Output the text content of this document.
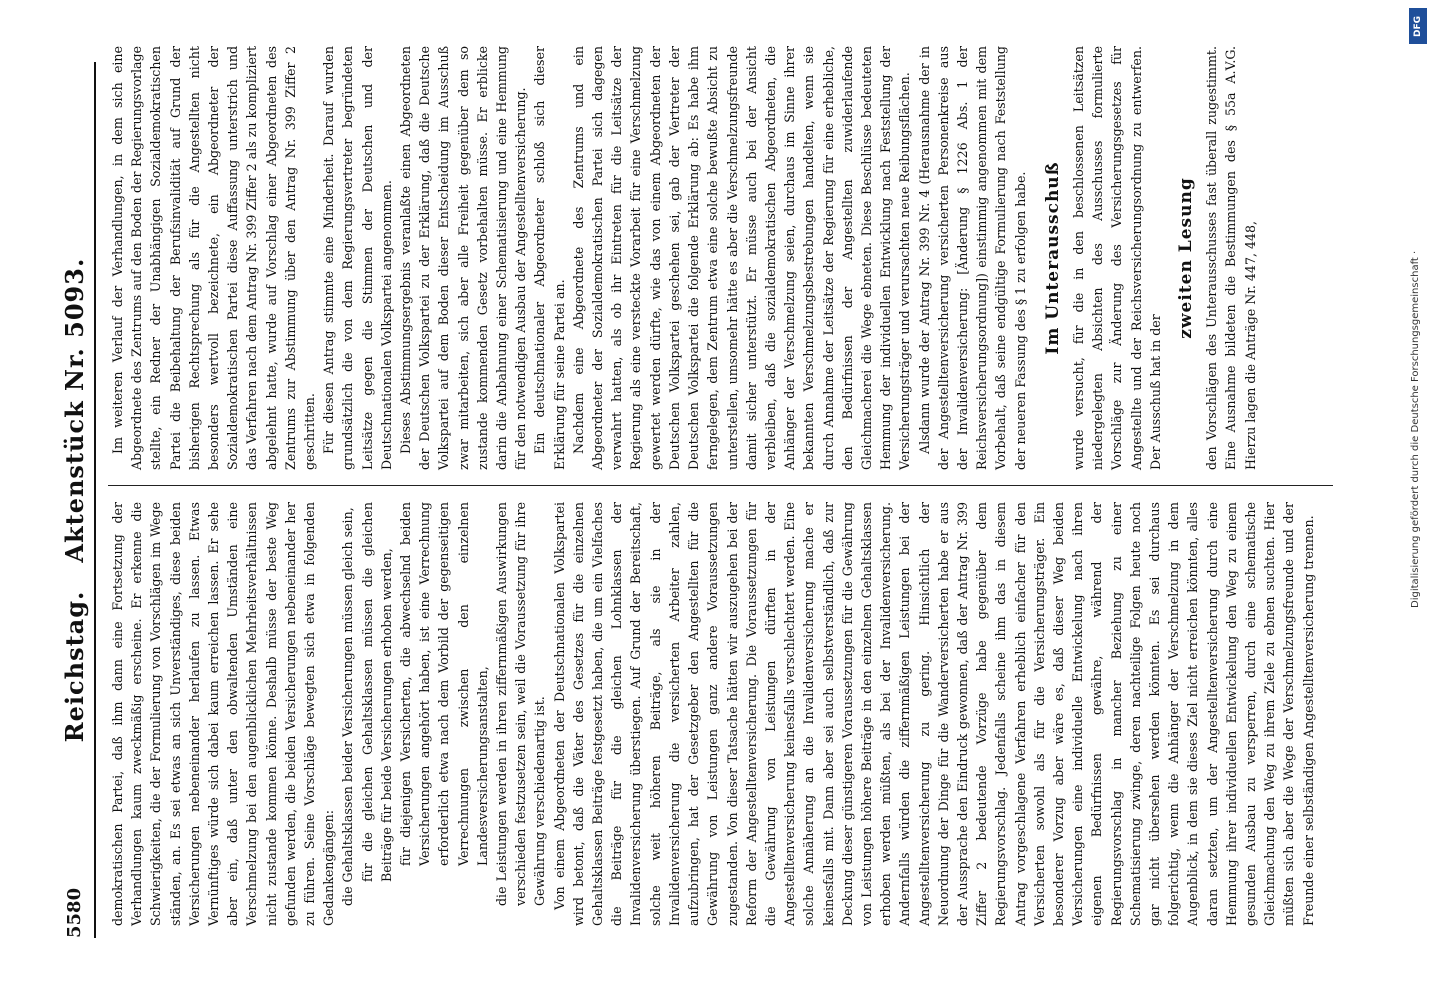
5580
Reichstag.Aktenstück Nr. 5093.

demokratischen Partei, daß ihm dann eine Fortsetzung der Verhandlungen kaum zweckmäßig erscheine. Er erkenne die Schwierigkeiten, die der Formulierung von Vorschlägen im Wege ständen, an. Es sei etwas an sich Unverständiges, diese beiden Versicherungen nebeneinander herlaufen zu lassen. Etwas Vernünftiges würde sich dabei kaum erreichen lassen. Er sehe aber ein, daß unter den obwaltenden Umständen eine Verschmelzung bei den augenblicklichen Mehrheitsverhältnissen nicht zustande kommen könne. Deshalb müsse der beste Weg gefunden werden, die beiden Versicherungen nebeneinander her zu führen. Seine Vorschläge bewegten sich etwa in folgenden Gedankengängen: die Gehaltsklassen beider Versicherungen müssen gleich sein, für die gleichen Gehaltsklassen müssen die gleichen Beiträge für beide Versicherungen erhoben werden, für diejenigen Versicherten, die abwechselnd beiden Versicherungen angehört haben, ist eine Verrechnung erforderlich etwa nach dem Vorbild der gegenseitigen Verrechnungen zwischen den einzelnen Landesversicherungsanstalten, die Leistungen werden in ihren ziffernmäßigen Auswirkungen verschieden festzusetzen sein, weil die Voraussetzung für ihre Gewährung verschiedenartig ist. Von einem Abgeordneten der Deutschnationalen Volkspartei wird betont, daß die Väter des Gesetzes für die einzelnen Gehaltsklassen Beiträge festgesetzt haben, die um ein Vielfaches die Beiträge für die gleichen Lohnklassen der Invalidenversicherung überstiegen. Auf Grund der Bereitschaft, solche weit höheren Beiträge, als sie in der Invalidenversicherung die versicherten Arbeiter zahlen, aufzubringen, hat der Gesetzgeber den Angestellten für die Gewährung von Leistungen ganz andere Voraussetzungen zugestanden. Von dieser Tatsache hätten wir auszugehen bei der Reform der Angestelltenversicherung. Die Voraussetzungen für die Gewährung von Leistungen dürften in der Angestelltenversicherung keinesfalls verschlechtert werden. Eine solche Annäherung an die Invalidenversicherung mache er keinesfalls mit. Dann aber sei auch selbstverständlich, daß zur Deckung dieser günstigeren Voraussetzungen für die Gewährung von Leistungen höhere Beiträge in den einzelnen Gehaltsklassen erhoben werden müßten, als bei der Invalidenversicherung. Andernfalls würden die ziffernmäßigen Leistungen bei der Angestelltenversicherung zu gering. Hinsichtlich der Neuordnung der Dinge für die Wanderversicherten habe er aus der Aussprache den Eindruck gewonnen, daß der Antrag Nr. 399 Ziffer 2 bedeutende Vorzüge habe gegenüber dem Regierungsvorschlag. Jedenfalls scheine ihm das in diesem Antrag vorgeschlagene Verfahren erheblich einfacher für den Versicherten sowohl als für die Versicherungsträger. Ein besonderer Vorzug aber wäre es, daß dieser Weg beiden Versicherungen eine individuelle Entwickelung nach ihren eigenen Bedürfnissen gewähre, während der Regierungsvorschlag in mancher Beziehung zu einer Schematisierung zwinge, deren nachteilige Folgen heute noch gar nicht übersehen werden könnten. Es sei durchaus folgerichtig, wenn die Anhänger der Verschmelzung in dem Augenblick, in dem sie dieses Ziel nicht erreichen könnten, alles daran setzten, um der Angestelltenversicherung durch eine Hemmung ihrer individuellen Entwickelung den Weg zu einem gesunden Ausbau zu versperren, durch eine schematische Gleichmachung den Weg zu ihrem Ziele zu ebnen suchten. Hier müßten sich aber die Wege der Verschmelzungsfreunde und der Freunde einer selbständigen Angestelltenversicherung trennen.

Im weiteren Verlauf der Verhandlungen, in dem sich eine Abgeordnete des Zentrums auf den Boden der Regierungsvorlage stellte, ein Redner der Unabhängigen Sozialdemokratischen Partei die Beibehaltung der Berufsinvalidität auf Grund der bisherigen Rechtsprechung als für die Angestellten nicht besonders wertvoll bezeichnete, ein Abgeordneter der Sozialdemokratischen Partei diese Auffassung unterstrich und das Verfahren nach dem Antrag Nr. 399 Ziffer 2 als zu kompliziert abgelehnt hatte, wurde auf Vorschlag einer Abgeordneten des Zentrums zur Abstimmung über den Antrag Nr. 399 Ziffer 2 geschritten. Für diesen Antrag stimmte eine Minderheit. Darauf wurden grundsätzlich die von dem Regierungsvertreter begründeten Leitsätze gegen die Stimmen der Deutschen und der Deutschnationalen Volkspartei angenommen. Dieses Abstimmungsergebnis veranlaßte einen Abgeordneten der Deutschen Volkspartei zu der Erklärung, daß die Deutsche Volkspartei auf dem Boden dieser Entscheidung im Ausschuß zwar mitarbeiten, sich aber alle Freiheit gegenüber dem so zustande kommenden Gesetz vorbehalten müsse. Er erblicke darin die Anbahnung einer Schematisierung und eine Hemmung für den notwendigen Ausbau der Angestelltenversicherung. Ein deutschnationaler Abgeordneter schloß sich dieser Erklärung für seine Partei an. Nachdem eine Abgeordnete des Zentrums und ein Abgeordneter der Sozialdemokratischen Partei sich dagegen verwahrt hatten, als ob ihr Eintreten für die Leitsätze der Regierung als eine versteckte Vorarbeit für eine Verschmelzung gewertet werden dürfte, wie das von einem Abgeordneten der Deutschen Volkspartei geschehen sei, gab der Vertreter der Deutschen Volkspartei die folgende Erklärung ab: Es habe ihm ferngelegen, dem Zentrum etwa eine solche bewußte Absicht zu unterstellen, umsomehr hätte es aber die Verschmelzungsfreunde damit sicher unterstützt. Er müsse auch bei der Ansicht verbleiben, daß die sozialdemokratischen Abgeordneten, die Anhänger der Verschmelzung seien, durchaus im Sinne ihrer bekannten Verschmelzungsbestrebungen handelten, wenn sie durch Annahme der Leitsätze der Regierung für eine erhebliche, den Bedürfnissen der Angestellten zuwiderlaufende Gleichmacherei die Wege ebneten. Diese Beschlüsse bedeuteten Hemmung der individuellen Entwicklung nach Feststellung der Versicherungsträger und verursachten neue Reibungsflächen. Alsdann wurde der Antrag Nr. 399 Nr. 4 (Herausnahme der in der Angestelltenversicherung versicherten Personenkreise aus der Invalidenversicherung: [Änderung § 1226 Abs. 1 der Reichsversicherungsordnung]) einstimmig angenommen mit dem Vorbehalt, daß seine endgültige Formulierung nach Feststellung der neueren Fassung des § 1 zu erfolgen habe. Im Unterausschuß wurde versucht, für die in den beschlossenen Leitsätzen niedergelegten Absichten des Ausschusses formulierte Vorschläge zur Änderung des Versicherungsgesetzes für Angestellte und der Reichsversicherungsordnung zu entwerfen. Der Ausschuß hat in der

zweiten Lesung den Vorschlägen des Unterausschusses fast überall zugestimmt. Eine Ausnahme bildeten die Bestimmungen des § 55a A.V.G. Hierzu lagen die Anträge Nr. 447, 448,

DFG
Digitalisierung gefördert durch die Deutsche Forschungsgemeinschaft ·
